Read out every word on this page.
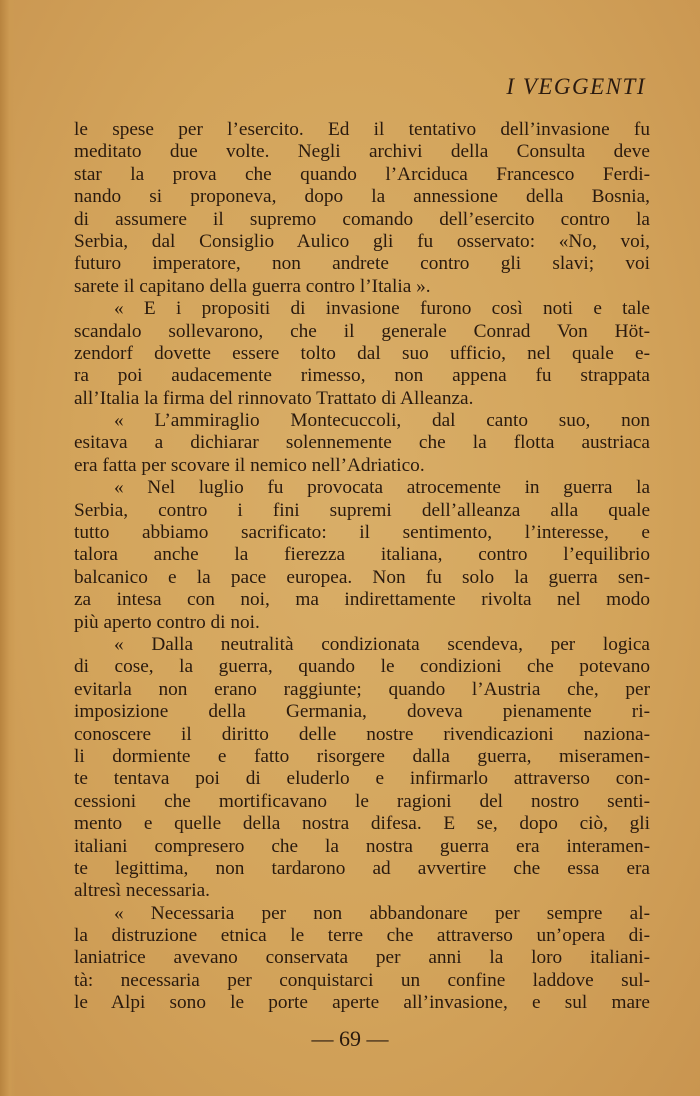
I VEGGENTI
le spese per l’esercito. Ed il tentativo dell’invasione fu
meditato due volte. Negli archivi della Consulta deve
star la prova che quando l’Arciduca Francesco Ferdi-
nando si proponeva, dopo la annessione della Bosnia,
di assumere il supremo comando dell’esercito contro la
Serbia, dal Consiglio Aulico gli fu osservato: «No, voi,
futuro imperatore, non andrete contro gli slavi; voi
sarete il capitano della guerra contro l’Italia ».
« E i propositi di invasione furono così noti e tale
scandalo sollevarono, che il generale Conrad Von Höt-
zendorf dovette essere tolto dal suo ufficio, nel quale e-
ra poi audacemente rimesso, non appena fu strappata
all’Italia la firma del rinnovato Trattato di Alleanza.
« L’ammiraglio Montecuccoli, dal canto suo, non
esitava a dichiarar solennemente che la flotta austriaca
era fatta per scovare il nemico nell’Adriatico.
« Nel luglio fu provocata atrocemente in guerra la
Serbia, contro i fini supremi dell’alleanza alla quale
tutto abbiamo sacrificato: il sentimento, l’interesse, e
talora anche la fierezza italiana, contro l’equilibrio
balcanico e la pace europea. Non fu solo la guerra sen-
za intesa con noi, ma indirettamente rivolta nel modo
più aperto contro di noi.
« Dalla neutralità condizionata scendeva, per logica
di cose, la guerra, quando le condizioni che potevano
evitarla non erano raggiunte; quando l’Austria che, per
imposizione della Germania, doveva pienamente ri-
conoscere il diritto delle nostre rivendicazioni naziona-
li dormiente e fatto risorgere dalla guerra, miseramen-
te tentava poi di eluderlo e infirmarlo attraverso con-
cessioni che mortificavano le ragioni del nostro senti-
mento e quelle della nostra difesa. E se, dopo ciò, gli
italiani compresero che la nostra guerra era interamen-
te legittima, non tardarono ad avvertire che essa era
altresì necessaria.
« Necessaria per non abbandonare per sempre al-
la distruzione etnica le terre che attraverso un’opera di-
laniatrice avevano conservata per anni la loro italiani-
tà: necessaria per conquistarci un confine laddove sul-
le Alpi sono le porte aperte all’invasione, e sul mare
— 69 —
